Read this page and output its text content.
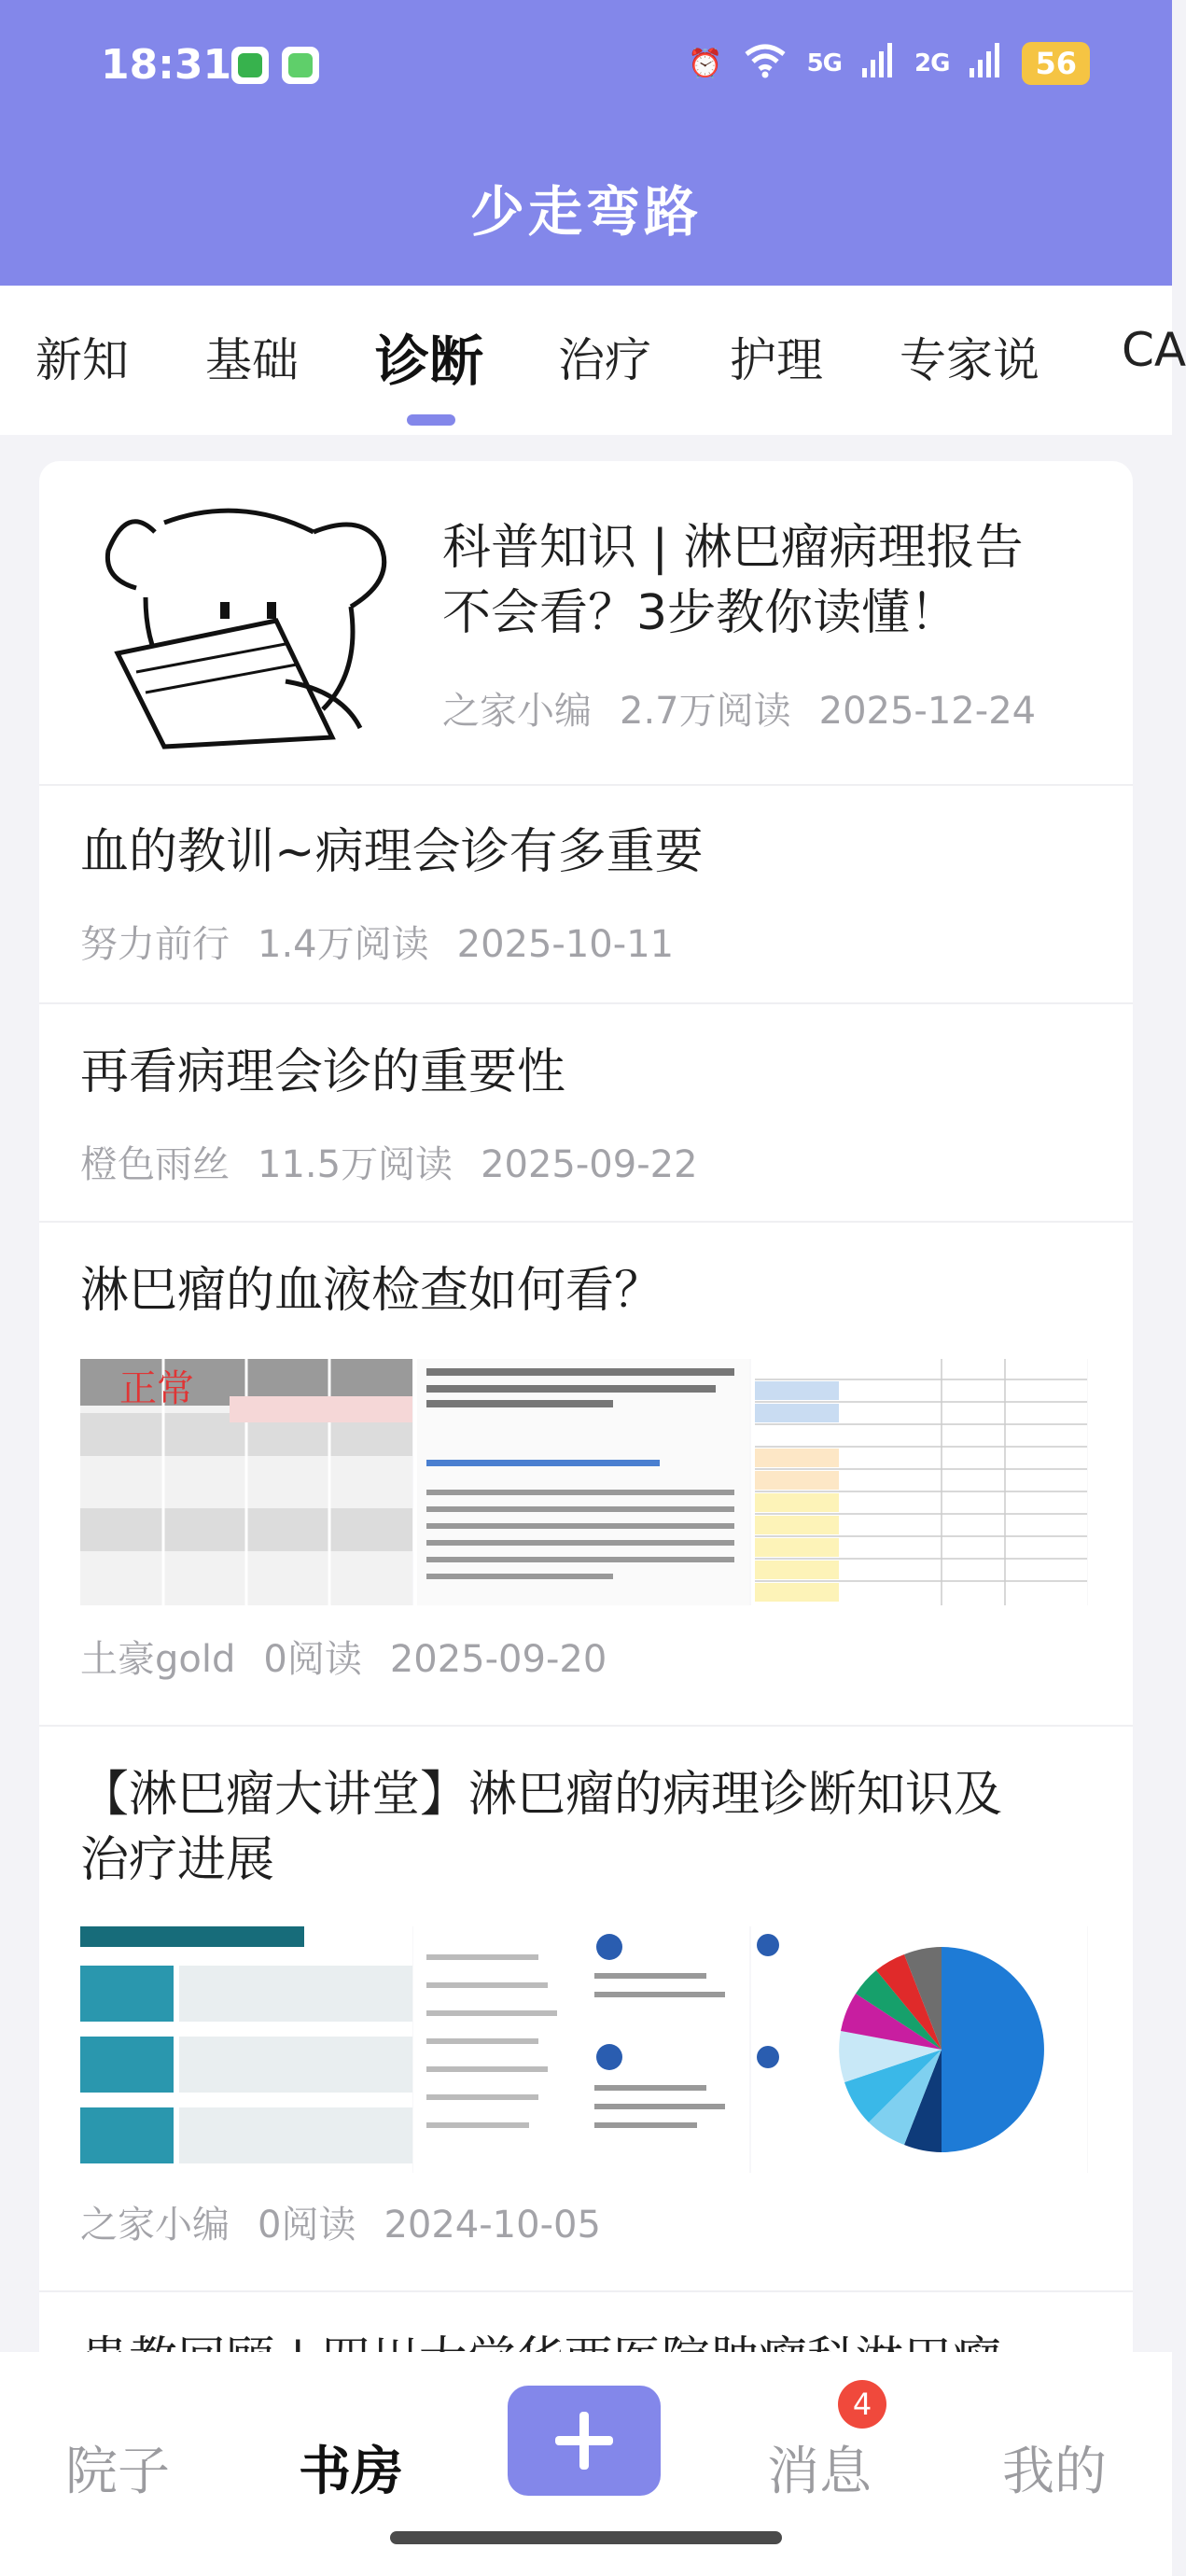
18:31	⏰	5G	2G	56
少走弯路
新知 基础 诊断 治疗 护理 专家说 CA
科普知识 | 淋巴瘤病理报告
不会看？3步教你读懂！
之家小编 2.7万阅读 2025-12-24
血的教训~病理会诊有多重要
努力前行 1.4万阅读 2025-10-11
再看病理会诊的重要性
橙色雨丝 11.5万阅读 2025-09-22
淋巴瘤的血液检查如何看？
正常
土豪gold 0阅读 2025-09-20
【淋巴瘤大讲堂】淋巴瘤的病理诊断知识及
治疗进展
之家小编 0阅读 2024-10-05
院子 书房	消息
4
我的
